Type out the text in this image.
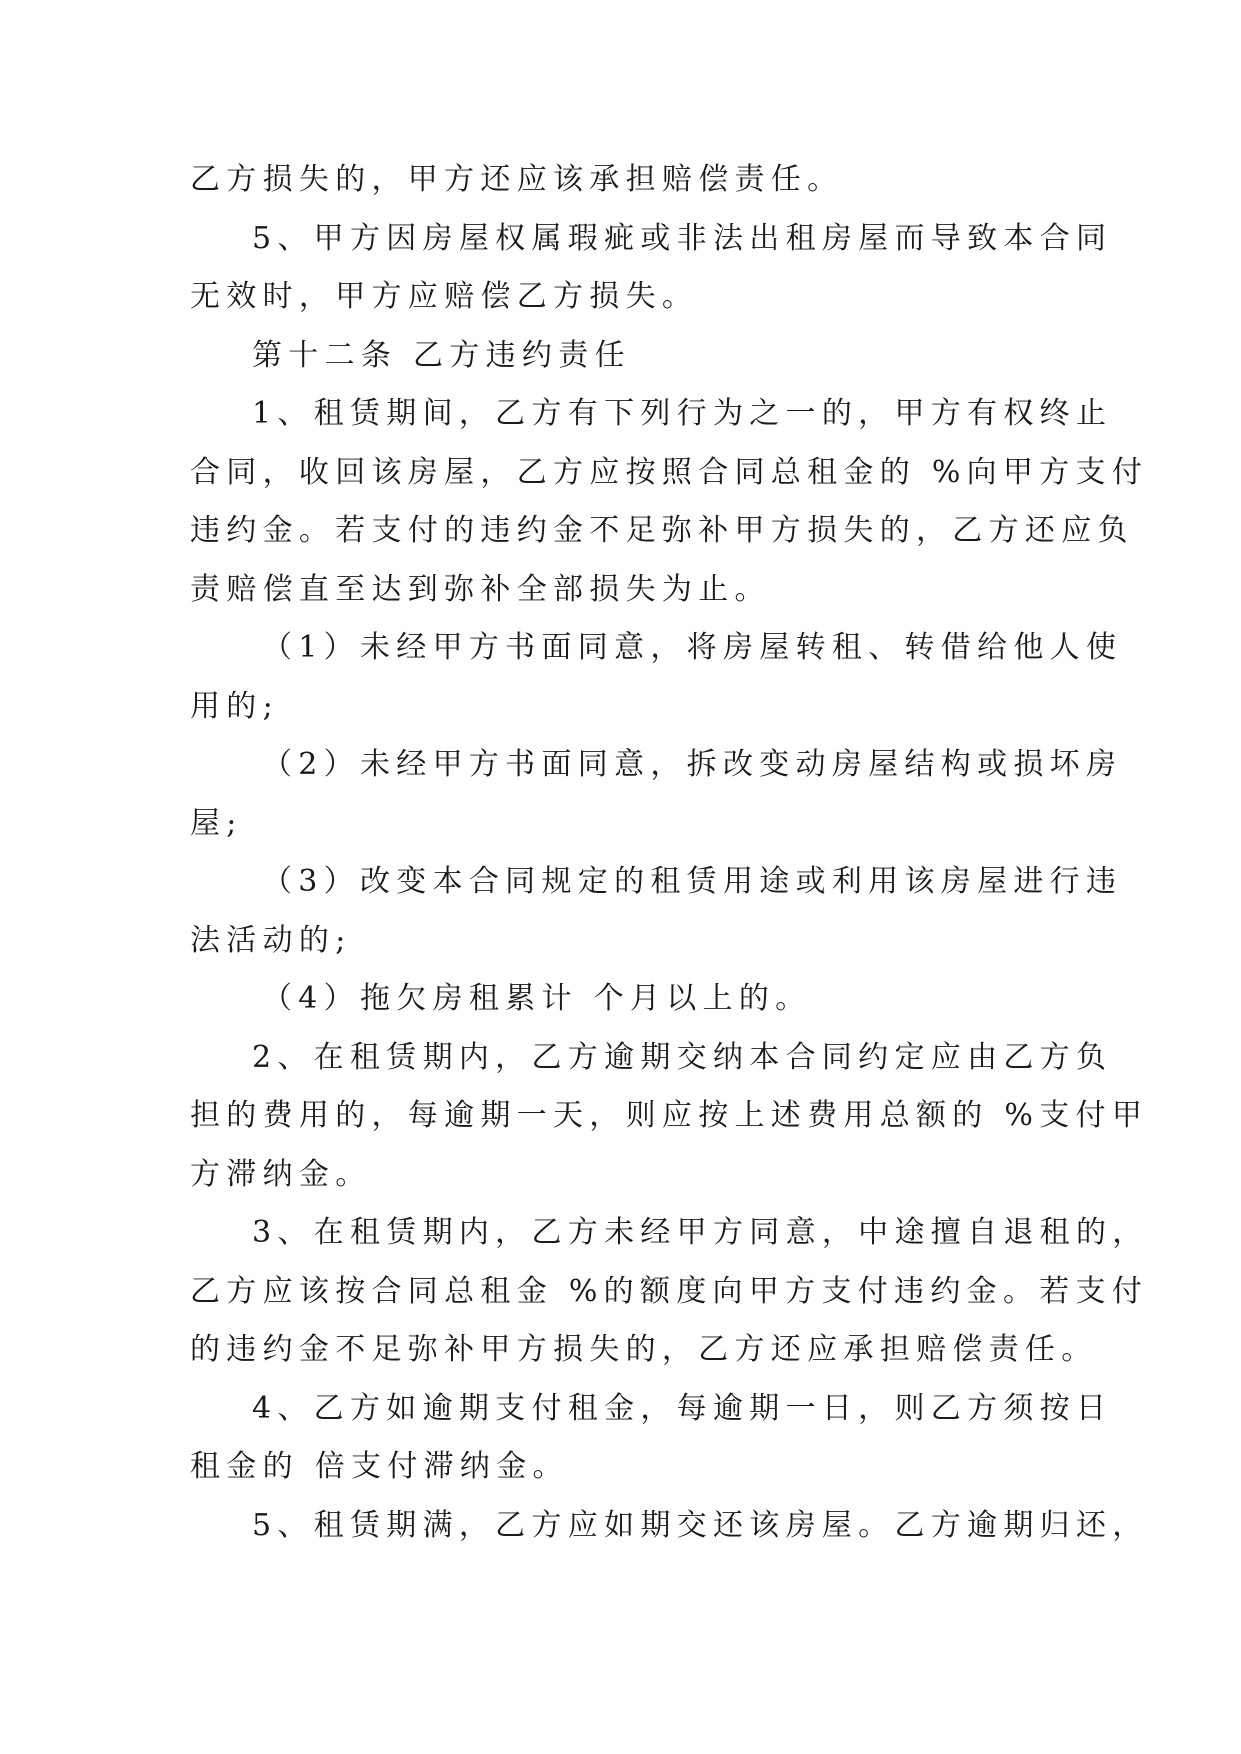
乙方损失的，甲方还应该承担赔偿责任。
5、甲方因房屋权属瑕疵或非法出租房屋而导致本合同
无效时，甲方应赔偿乙方损失。
第十二条 乙方违约责任
1、租赁期间，乙方有下列行为之一的，甲方有权终止
合同，收回该房屋，乙方应按照合同总租金的 %向甲方支付
违约金。若支付的违约金不足弥补甲方损失的，乙方还应负
责赔偿直至达到弥补全部损失为止。
（1）未经甲方书面同意，将房屋转租、转借给他人使
用的;
（2）未经甲方书面同意，拆改变动房屋结构或损坏房
屋;
（3）改变本合同规定的租赁用途或利用该房屋进行违
法活动的;
（4）拖欠房租累计 个月以上的。
2、在租赁期内，乙方逾期交纳本合同约定应由乙方负
担的费用的，每逾期一天，则应按上述费用总额的 %支付甲
方滞纳金。
3、在租赁期内，乙方未经甲方同意，中途擅自退租的，
乙方应该按合同总租金 %的额度向甲方支付违约金。若支付
的违约金不足弥补甲方损失的，乙方还应承担赔偿责任。
4、乙方如逾期支付租金，每逾期一日，则乙方须按日
租金的 倍支付滞纳金。
5、租赁期满，乙方应如期交还该房屋。乙方逾期归还，
